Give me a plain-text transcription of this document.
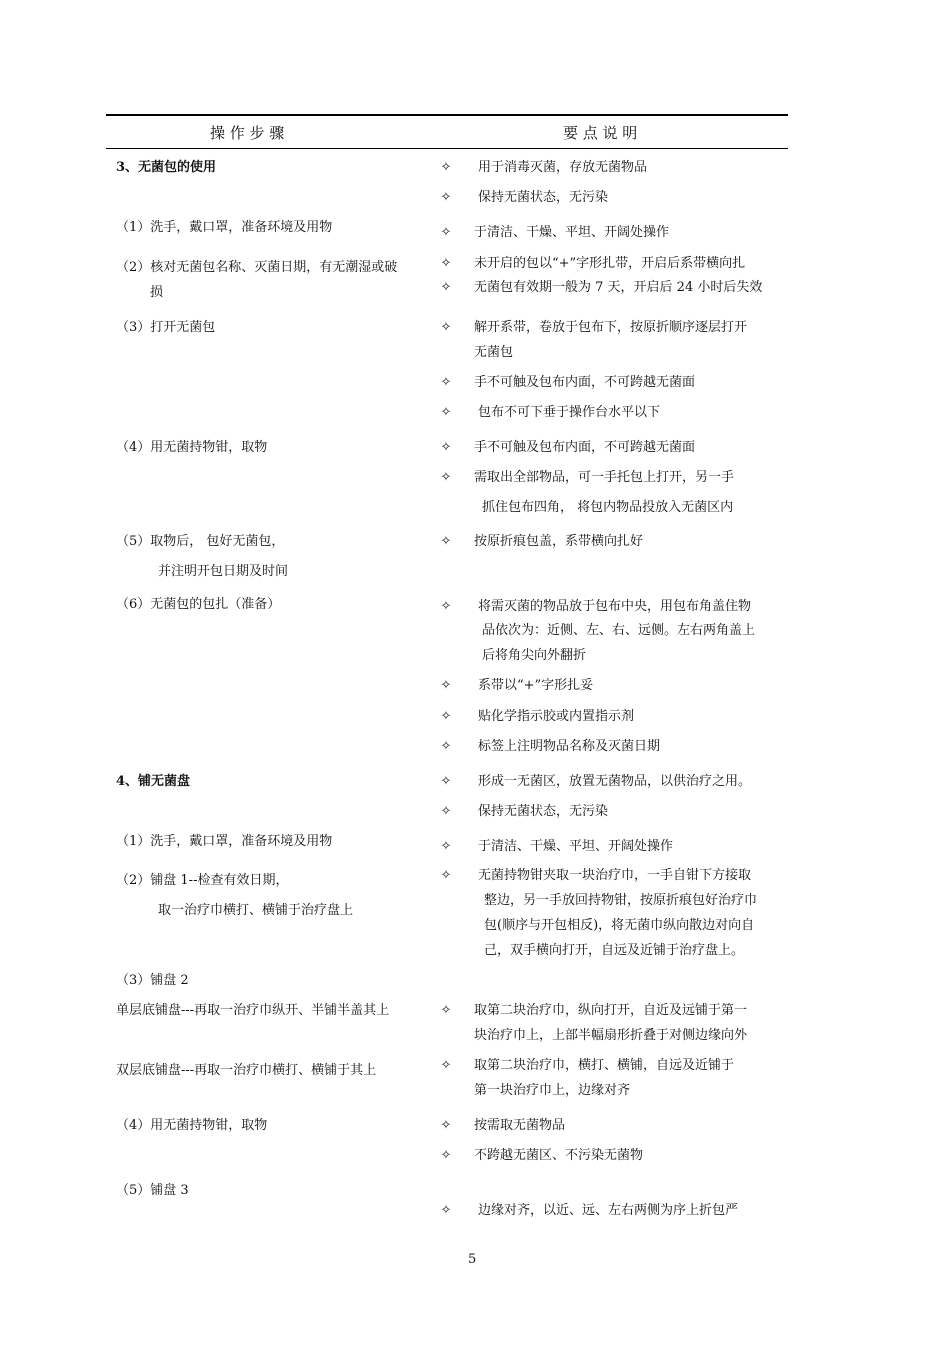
操 作 步 骤	要 点 说 明
3、无菌包的使用
（1）洗手，戴口罩，准备环境及用物
（2）核对无菌包名称、灭菌日期，有无潮湿或破
损
（3）打开无菌包
（4）用无菌持物钳，取物
（5）取物后， 包好无菌包，
并注明开包日期及时间
（6）无菌包的包扎（准备）
4、铺无菌盘
（1）洗手，戴口罩，准备环境及用物
（2）铺盘 1--检查有效日期，
取一治疗巾横打、横铺于治疗盘上
（3）铺盘 2
单层底铺盘---再取一治疗巾纵开、半铺半盖其上
双层底铺盘---再取一治疗巾横打、横铺于其上
（4）用无菌持物钳，取物
（5）铺盘 3
✧ 用于消毒灭菌，存放无菌物品
✧ 保持无菌状态，无污染
✧ 于清洁、干燥、平坦、开阔处操作
✧ 未开启的包以“+”字形扎带，开启后系带横向扎
✧ 无菌包有效期一般为 7 天，开启后 24 小时后失效
✧ 解开系带，卷放于包布下，按原折顺序逐层打开
无菌包
✧ 手不可触及包布内面，不可跨越无菌面
✧ 包布不可下垂于操作台水平以下
✧ 手不可触及包布内面，不可跨越无菌面
✧ 需取出全部物品，可一手托包上打开，另一手
抓住包布四角， 将包内物品投放入无菌区内
✧ 按原折痕包盖，系带横向扎好
✧ 将需灭菌的物品放于包布中央，用包布角盖住物
品依次为：近侧、左、右、远侧。左右两角盖上
后将角尖向外翻折
✧ 系带以“+”字形扎妥
✧ 贴化学指示胶或内置指示剂
✧ 标签上注明物品名称及灭菌日期
✧ 形成一无菌区，放置无菌物品，以供治疗之用。
✧ 保持无菌状态，无污染
✧ 于清洁、干燥、平坦、开阔处操作
✧ 无菌持物钳夹取一块治疗巾，一手自钳下方接取
整边，另一手放回持物钳，按原折痕包好治疗巾
包(顺序与开包相反)，将无菌巾纵向散边对向自
己，双手横向打开，自远及近铺于治疗盘上。
✧ 取第二块治疗巾，纵向打开，自近及远铺于第一
块治疗巾上，上部半幅扇形折叠于对侧边缘向外
✧ 取第二块治疗巾，横打、横铺，自远及近铺于
第一块治疗巾上，边缘对齐
✧ 按需取无菌物品
✧ 不跨越无菌区、不污染无菌物
✧ 边缘对齐，以近、远、左右两侧为序上折包严
5
